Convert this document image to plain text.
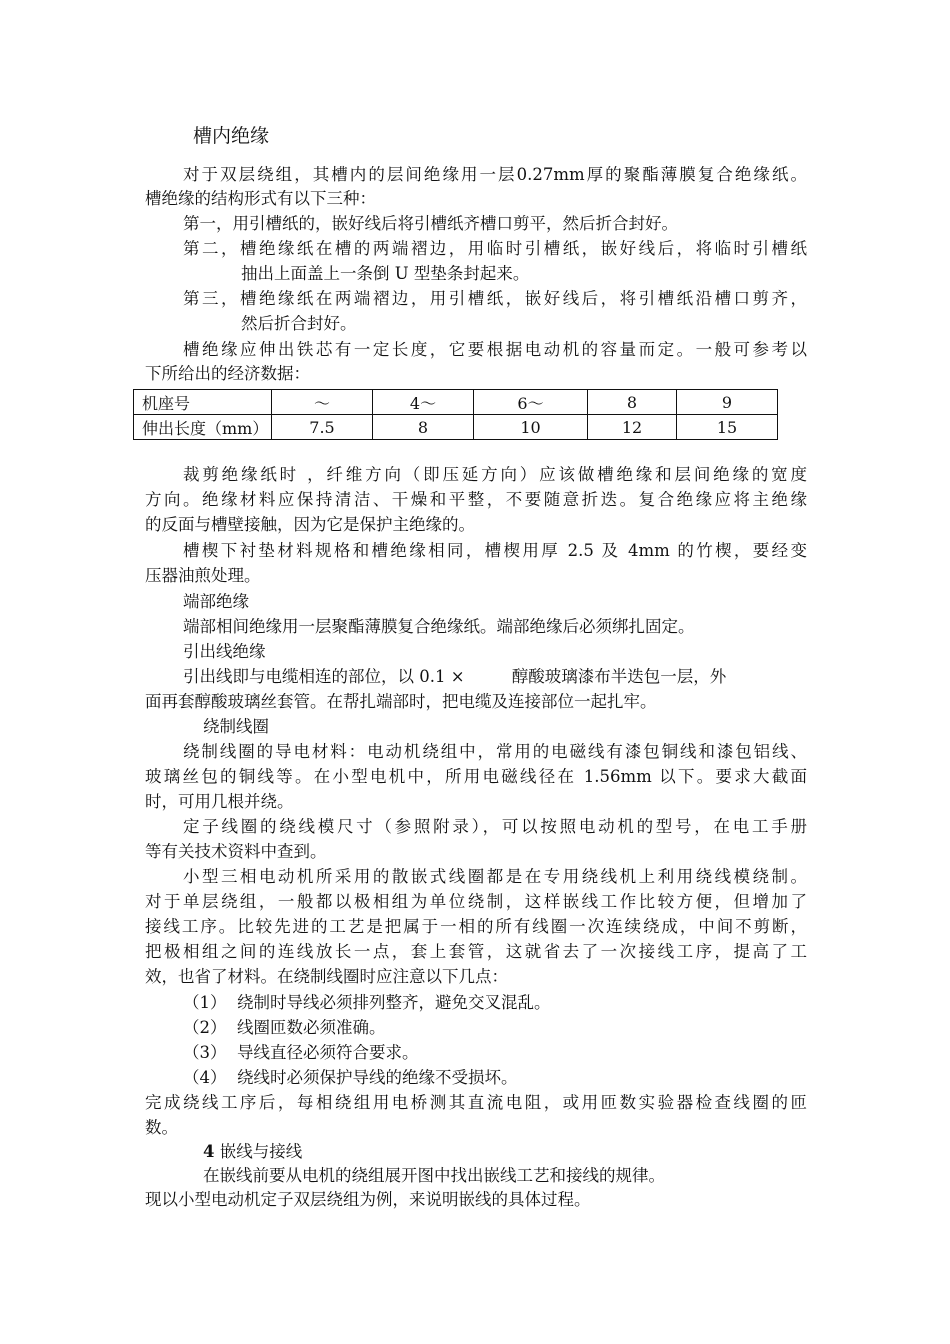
槽内绝缘
对于双层绕组，其槽内的层间绝缘用一层0.27mm厚的聚酯薄膜复合绝缘纸。
槽绝缘的结构形式有以下三种：
第一，用引槽纸的，嵌好线后将引槽纸齐槽口剪平，然后折合封好。
第二，槽绝缘纸在槽的两端褶边，用临时引槽纸，嵌好线后，将临时引槽纸
抽出上面盖上一条倒 U 型垫条封起来。
第三，槽绝缘纸在两端褶边，用引槽纸，嵌好线后，将引槽纸沿槽口剪齐，
然后折合封好。
槽绝缘应伸出铁芯有一定长度，它要根据电动机的容量而定。一般可参考以
下所给出的经济数据：
机座号	～	4～	6～	8	9
伸出长度（mm）	7.5	8	10	12	15
裁剪绝缘纸时 ，纤维方向（即压延方向）应该做槽绝缘和层间绝缘的宽度
方向。绝缘材料应保持清洁、干燥和平整，不要随意折迭。复合绝缘应将主绝缘
的反面与槽壁接触，因为它是保护主绝缘的。
槽楔下衬垫材料规格和槽绝缘相同，槽楔用厚 2.5 及 4mm 的竹楔，要经变
压器油煎处理。
端部绝缘
端部相间绝缘用一层聚酯薄膜复合绝缘纸。端部绝缘后必须绑扎固定。
引出线绝缘
引出线即与电缆相连的部位，以 0.1 ×         醇酸玻璃漆布半迭包一层，外
面再套醇酸玻璃丝套管。在帮扎端部时，把电缆及连接部位一起扎牢。
绕制线圈
绕制线圈的导电材料：电动机绕组中，常用的电磁线有漆包铜线和漆包铝线、
玻璃丝包的铜线等。在小型电机中，所用电磁线径在 1.56mm 以下。要求大截面
时，可用几根并绕。
定子线圈的绕线模尺寸（参照附录），可以按照电动机的型号，在电工手册
等有关技术资料中查到。
小型三相电动机所采用的散嵌式线圈都是在专用绕线机上利用绕线模绕制。
对于单层绕组，一般都以极相组为单位绕制，这样嵌线工作比较方便，但增加了
接线工序。比较先进的工艺是把属于一相的所有线圈一次连续绕成，中间不剪断，
把极相组之间的连线放长一点，套上套管，这就省去了一次接线工序，提高了工
效，也省了材料。在绕制线圈时应注意以下几点：
（1）  绕制时导线必须排列整齐，避免交叉混乱。
（2）  线圈匝数必须准确。
（3）  导线直径必须符合要求。
（4）  绕线时必须保护导线的绝缘不受损坏。
完成绕线工序后，每相绕组用电桥测其直流电阻，或用匝数实验器检查线圈的匝
数。
4 嵌线与接线
在嵌线前要从电机的绕组展开图中找出嵌线工艺和接线的规律。
现以小型电动机定子双层绕组为例，来说明嵌线的具体过程。
